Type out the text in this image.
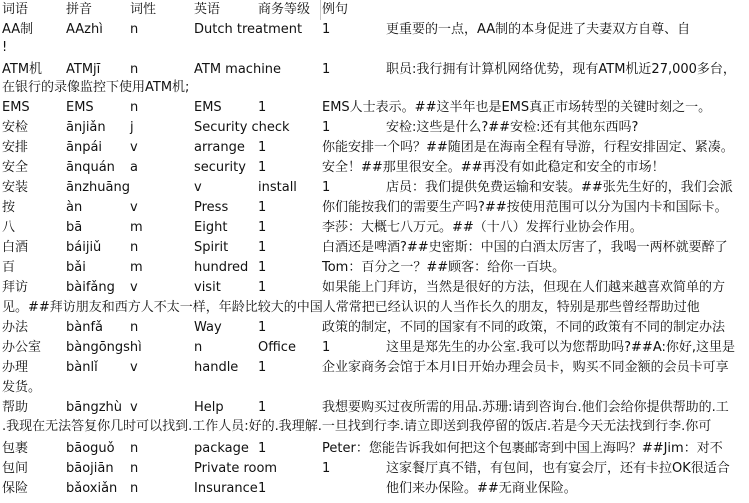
词语	拼音	词性	英语	商务等级 例句
AA制	AAzhì n	Dutch treatment 1	更重要的一点，AA制的本身促进了夫妻双方自尊、自
!
ATM机 ATMjī n	ATM machine	1	职员:我行拥有计算机网络优势，现有ATM机近27,000多台，
在银行的录像监控下使用ATM机;
EMS	EMS	n	EMS	1	EMS人士表示。##这半年也是EMS真正市场转型的关键时刻之一。
安检	ānjiǎn j	Security check 1	安检:这些是什么?##安检:还有其他东西吗?
安排	ānpái v	arrange 1	你能安排一个吗？##随团是在海南全程有导游，行程安排固定、紧凑。
安全	ānquán a	security 1	安全！##那里很安全。##再没有如此稳定和安全的市场！
安装	ānzhuāng	v	install 1	店员：我们提供免费运输和安装。##张先生好的，我们会派
按	àn	v	Press 1	你们能按我们的需要生产吗?##按使用范围可以分为国内卡和国际卡。
八	bā	m	Eight 1	李莎：大概七八万元。##（十八）发挥行业协会作用。
白酒	báijiǔ n	Spirit 1	白酒还是啤酒?##史密斯：中国的白酒太厉害了，我喝一两杯就要醉了
百	bǎi	m	hundred 1	Tom：百分之一？##顾客：给你一百块。
拜访	bàifǎng v	visit	1	如果能上门拜访，当然是很好的方法，但现在人们越来越喜欢简单的方
见。##拜访朋友和西方人不太一样，年龄比较大的中国人常常把已经认识的人当作长久的朋友，特别是那些曾经帮助过他
办法	bànfǎ n	Way	1	政策的制定，不同的国家有不同的政策，不同的政策有不同的制定办法
办公室 bàngōngshì	n	Office 1	这里是郑先生的办公室.我可以为您帮助吗?##A:你好,这里是
办理	bànlǐ v	handle 1	企业家商务会馆于本月l日开始办理会员卡，购买不同金额的会员卡可享
发货。
帮助	bāngzhù v	Help	1	我想要购买过夜所需的用品.苏珊:请到咨询台.他们会给你提供帮助的.工
.我现在无法答复你几时可以找到.工作人员:好的.我理解.一旦找到行李.请立即送到我停留的饭店.若是今天无法找到行李.你可
包裹	bāoguǒ n	package 1	Peter：您能告诉我如何把这个包裹邮寄到中国上海吗？##Jim：对不
包间	bāojiān n	Private room	1	这家餐厅真不错，有包间，也有宴会厅，还有卡拉OK很适合
保险	bǎoxiǎn n	Insurance 1	他们来办保险。##无商业保险。
